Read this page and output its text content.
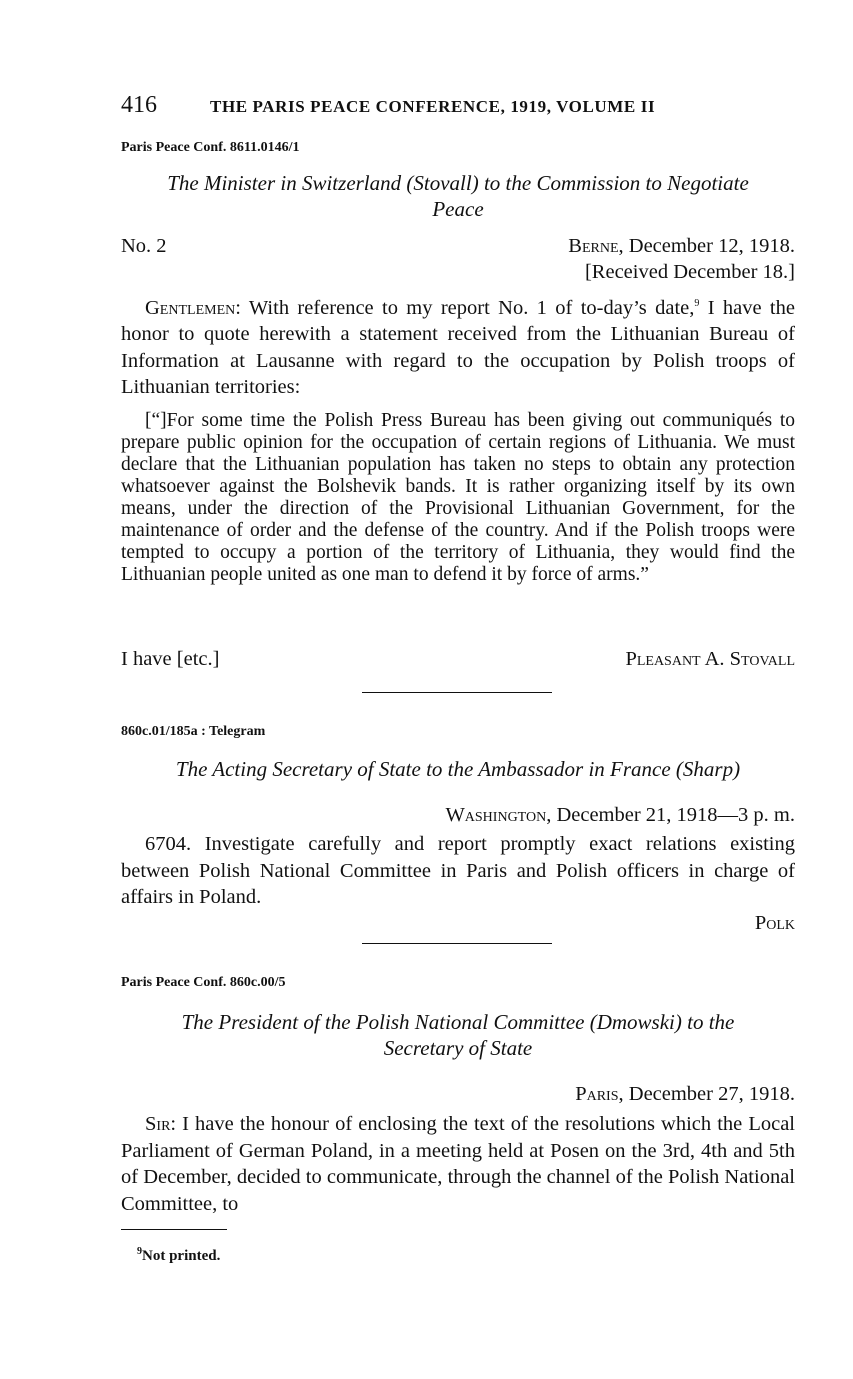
416	THE PARIS PEACE CONFERENCE, 1919, VOLUME II
Paris Peace Conf. 8611.0146/1
The Minister in Switzerland (Stovall) to the Commission to Negotiate
Peace
No. 2	Berne, December 12, 1918.
[Received December 18.]
Gentlemen: With reference to my report No. 1 of to-day’s date,$^9$ I have the honor to quote herewith a statement received from the Lithuanian Bureau of Information at Lausanne with regard to the occupation by Polish troops of Lithuanian territories:
[“]For some time the Polish Press Bureau has been giving out communiqués to prepare public opinion for the occupation of certain regions of Lithuania. We must declare that the Lithuanian population has taken no steps to obtain any protection whatsoever against the Bolshevik bands. It is rather organizing itself by its own means, under the direction of the Provisional Lithuanian Government, for the maintenance of order and the defense of the country. And if the Polish troops were tempted to occupy a portion of the territory of Lithuania, they would find the Lithuanian people united as one man to defend it by force of arms.”
I have [etc.]	Pleasant A. Stovall
860c.01/185a : Telegram
The Acting Secretary of State to the Ambassador in France (Sharp)
Washington, December 21, 1918—3 p. m.
6704. Investigate carefully and report promptly exact relations existing between Polish National Committee in Paris and Polish officers in charge of affairs in Poland.
Polk
Paris Peace Conf. 860c.00/5
The President of the Polish National Committee (Dmowski) to the
Secretary of State
Paris, December 27, 1918.
Sir: I have the honour of enclosing the text of the resolutions which the Local Parliament of German Poland, in a meeting held at Posen on the 3rd, 4th and 5th of December, decided to communicate, through the channel of the Polish National Committee, to
$^9$Not printed.
